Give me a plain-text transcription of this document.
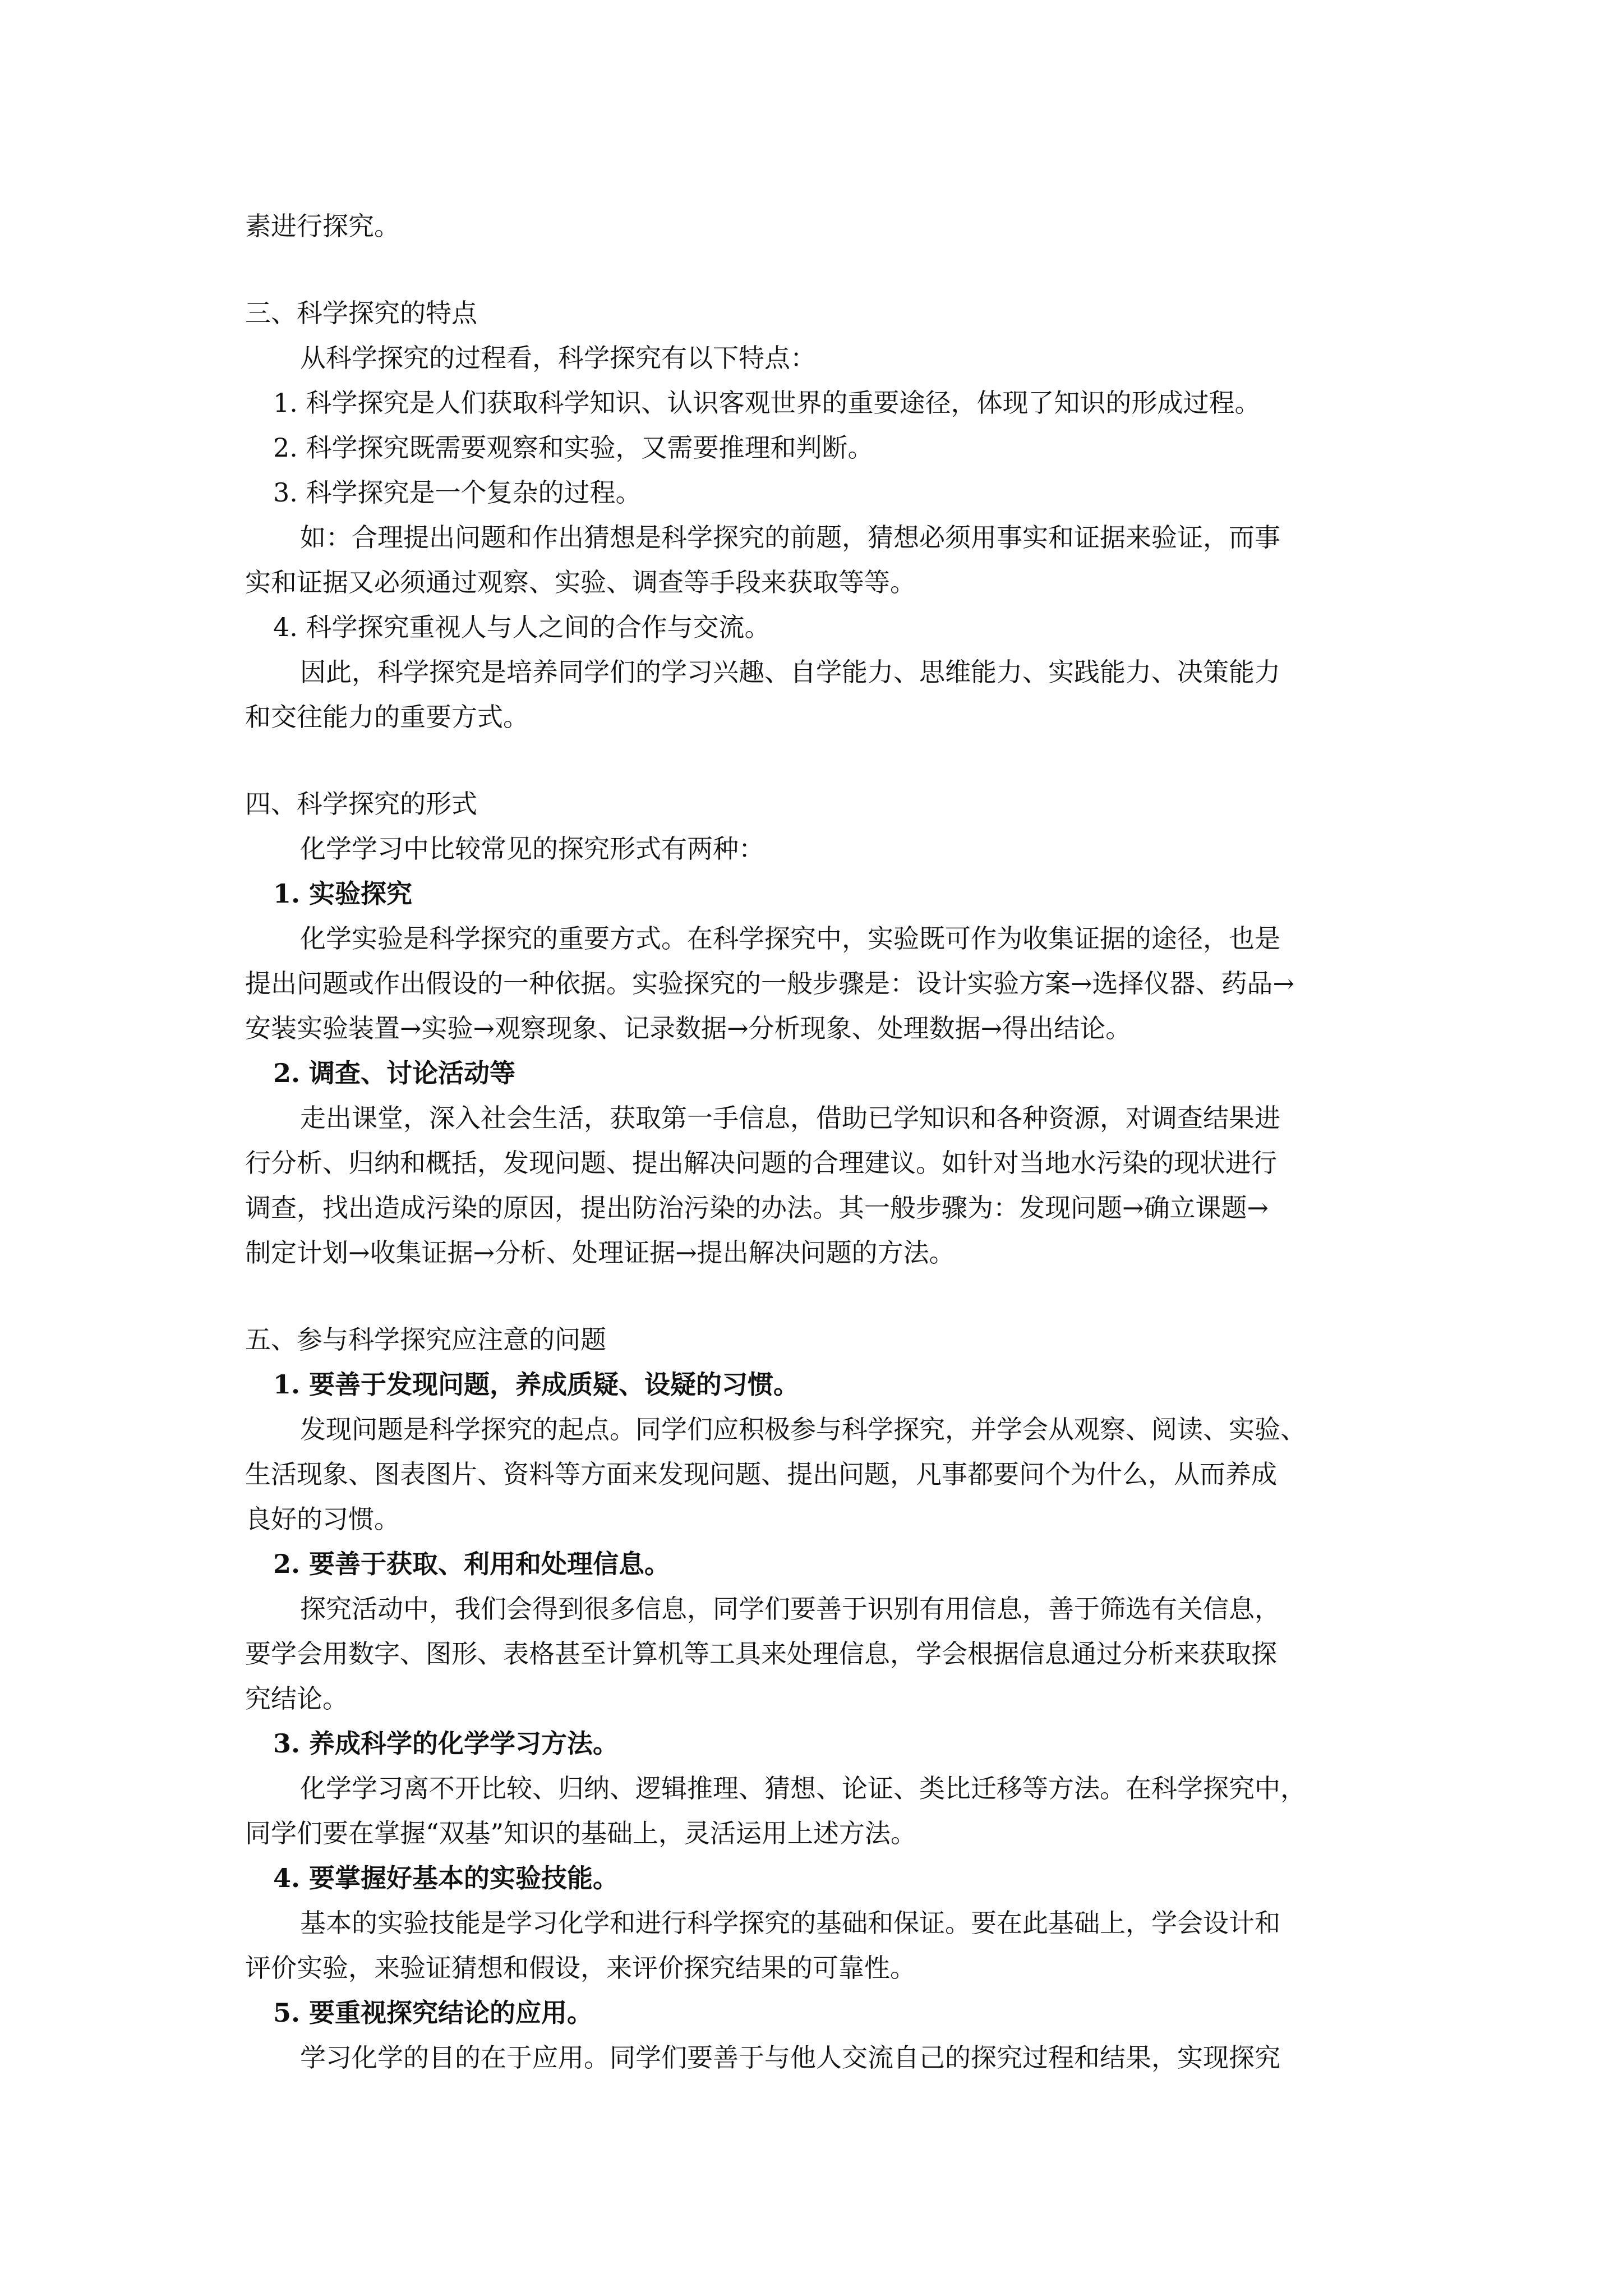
素进行探究。
三、科学探究的特点
从科学探究的过程看，科学探究有以下特点：
1. 科学探究是人们获取科学知识、认识客观世界的重要途径，体现了知识的形成过程。
2. 科学探究既需要观察和实验，又需要推理和判断。
3. 科学探究是一个复杂的过程。
如：合理提出问题和作出猜想是科学探究的前题，猜想必须用事实和证据来验证，而事
实和证据又必须通过观察、实验、调查等手段来获取等等。
4. 科学探究重视人与人之间的合作与交流。
因此，科学探究是培养同学们的学习兴趣、自学能力、思维能力、实践能力、决策能力
和交往能力的重要方式。
四、科学探究的形式
化学学习中比较常见的探究形式有两种：
1. 实验探究
化学实验是科学探究的重要方式。在科学探究中，实验既可作为收集证据的途径，也是
提出问题或作出假设的一种依据。实验探究的一般步骤是：设计实验方案→选择仪器、药品→
安装实验装置→实验→观察现象、记录数据→分析现象、处理数据→得出结论。
2. 调查、讨论活动等
走出课堂，深入社会生活，获取第一手信息，借助已学知识和各种资源，对调查结果进
行分析、归纳和概括，发现问题、提出解决问题的合理建议。如针对当地水污染的现状进行
调查，找出造成污染的原因，提出防治污染的办法。其一般步骤为：发现问题→确立课题→
制定计划→收集证据→分析、处理证据→提出解决问题的方法。
五、参与科学探究应注意的问题
1. 要善于发现问题，养成质疑、设疑的习惯。
发现问题是科学探究的起点。同学们应积极参与科学探究，并学会从观察、阅读、实验、
生活现象、图表图片、资料等方面来发现问题、提出问题，凡事都要问个为什么，从而养成
良好的习惯。
2. 要善于获取、利用和处理信息。
探究活动中，我们会得到很多信息，同学们要善于识别有用信息，善于筛选有关信息，
要学会用数字、图形、表格甚至计算机等工具来处理信息，学会根据信息通过分析来获取探
究结论。
3. 养成科学的化学学习方法。
化学学习离不开比较、归纳、逻辑推理、猜想、论证、类比迁移等方法。在科学探究中，
同学们要在掌握“双基”知识的基础上，灵活运用上述方法。
4. 要掌握好基本的实验技能。
基本的实验技能是学习化学和进行科学探究的基础和保证。要在此基础上，学会设计和
评价实验，来验证猜想和假设，来评价探究结果的可靠性。
5. 要重视探究结论的应用。
学习化学的目的在于应用。同学们要善于与他人交流自己的探究过程和结果，实现探究
